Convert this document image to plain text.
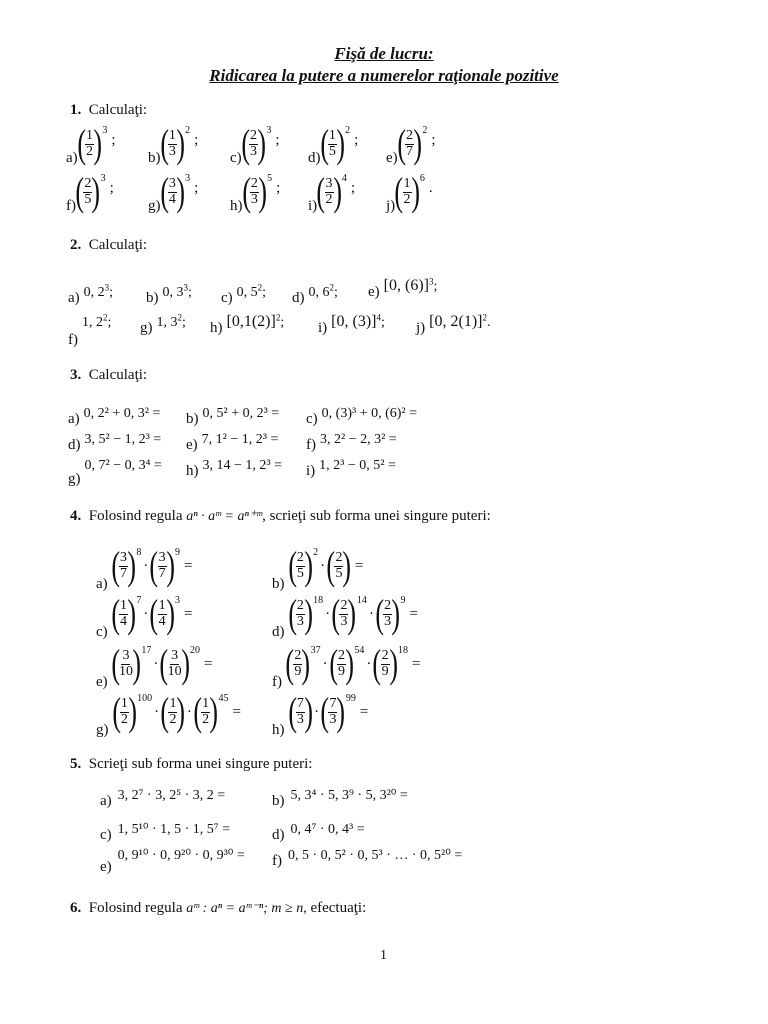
Fişă de lucru:
Ridicarea la putere a numerelor raţionale pozitive
1. Calculaţi:
a) ( $\frac{1}{2}$ ) 3
;
b) ( $\frac{1}{3}$ ) 2
;
c) ( $\frac{2}{3}$ ) 3
;
d) ( $\frac{1}{5}$ ) 2
;
e) ( $\frac{2}{7}$ ) 2
;
f) ( $\frac{2}{5}$ ) 3
;
g) ( $\frac{3}{4}$ ) 3
;
h) ( $\frac{2}{3}$ ) 5
;
i) ( $\frac{3}{2}$ ) 4
;
j) ( $\frac{1}{2}$ ) 6
.
2. Calculaţi:
a) 0, $2^3$; b) 0, $3^3$; c) 0, $5^2$; d) 0, $6^2$; e) [0, (6)]$^3$;
f)1, $2^2$; g) 1, $3^2$; h) $[0,1(2)]^2$; i) [0, (3)]$^4$; j) [0, 2(1)]$^2$.
3. Calculaţi:
a) 0, 2² + 0, 3² = b) 0, 5² + 0, 2³ = c) 0, (3)³ + 0, (6)² =
d) 3, 5² − 1, 2³ = e) 7, 1² − 1, 2³ = f) 3, 2² − 2, 3² =
g)0, 7² − 0, 3⁴ = h) 3, 14 − 1, 2³ = i) 1, 2³ − 0, 5² =
4. Folosind regula aⁿ · aᵐ = aⁿ⁺ᵐ, scrieţi sub forma unei singure puteri:
a) ( $\frac{3}{7}$ ) 8
· ( $\frac{3}{7}$ ) 9
=
b) ( $\frac{2}{5}$ ) 2
· ( $\frac{2}{5}$ ) =
c) ( $\frac{1}{4}$ ) 7
· ( $\frac{1}{4}$ ) 3
=
d) ( $\frac{2}{3}$ ) 18
· ( $\frac{2}{3}$ ) 14
· ( $\frac{2}{3}$ ) 9
=
e) ( $\frac{3}{10}$ ) 17
· ( $\frac{3}{10}$ ) 20
=
f) ( $\frac{2}{9}$ ) 37
· ( $\frac{2}{9}$ ) 54
· ( $\frac{2}{9}$ ) 18
=
g) ( $\frac{1}{2}$ ) 100
· ( $\frac{1}{2}$ ) · ( $\frac{1}{2}$ ) 45
=
h) ( $\frac{7}{3}$ ) · ( $\frac{7}{3}$ ) 99
=
5. Scrieţi sub forma unei singure puteri:
a) 3, 2⁷ · 3, 2⁵ · 3, 2 =	b) 5, 3⁴ · 5, 3⁹ · 5, 3²⁰ =
c) 1, 5¹⁰ · 1, 5 · 1, 5⁷ =	d) 0, 4⁷ · 0, 4³ =
e)0, 9¹⁰ · 0, 9²⁰ · 0, 9³⁰ = f) 0, 5 · 0, 5² · 0, 5³ · … · 0, 5²⁰ =
6. Folosind regula aᵐ : aⁿ = aᵐ⁻ⁿ; m ≥ n, efectuaţi:
1
